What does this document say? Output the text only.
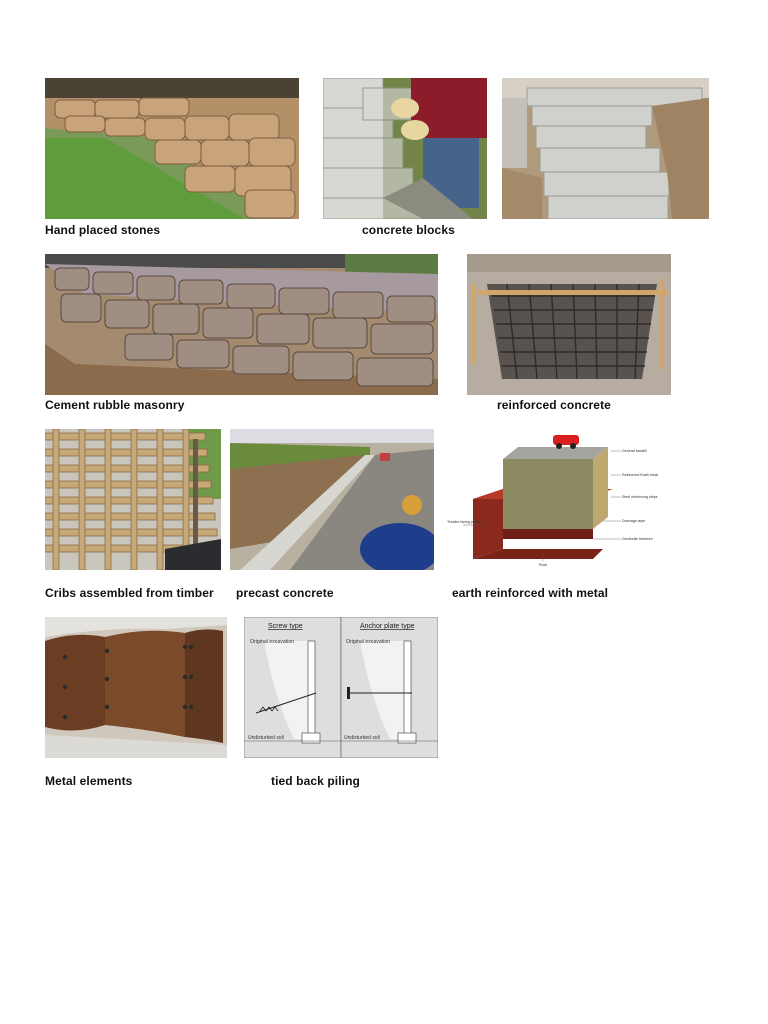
Hand placed stones	concrete blocks
Cement rubble masonry	reinforced concrete
General backfill
Reinforced Earth block
Steel reinforcing strips
Drainage layer
Geotextile between
Tensiler facing panels
Rock
Cribs assembled from timber precast concrete	earth reinforced with metal
Screw type	Anchor plate type
Original excavation	Original excavation
Undisturbed soil	Undisturbed soil
Metal elements	tied back piling
